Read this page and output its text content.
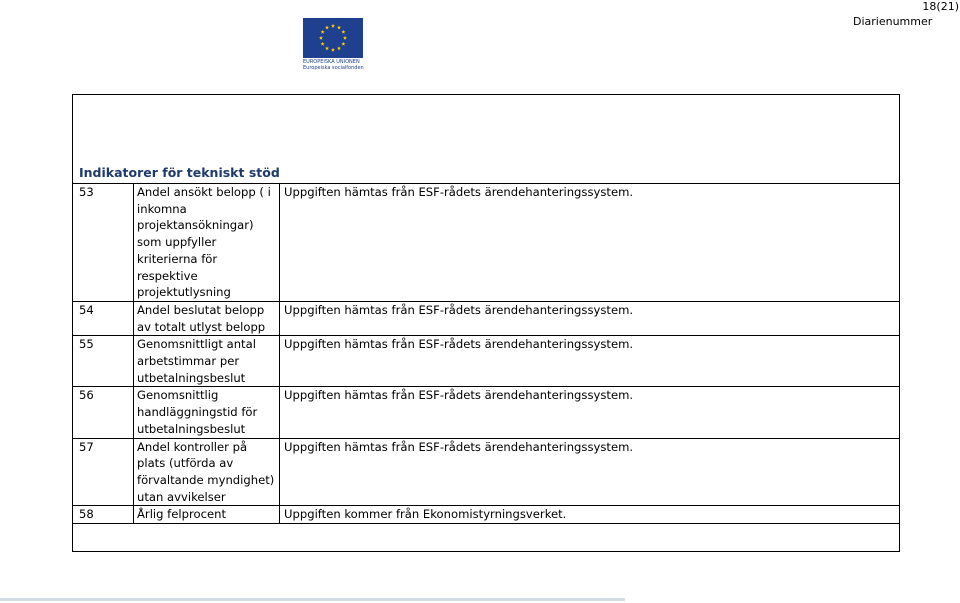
18(21)
Diarienummer
EUROPEISKA UNIONEN
Europeiska socialfonden
Indikatorer för tekniskt stöd
53	Andel ansökt belopp ( i inkomna projektansökningar) som uppfyller kriterierna för respektive projektutlysning	Uppgiften hämtas från ESF-rådets ärendehanteringssystem.
54	Andel beslutat belopp av totalt utlyst belopp	Uppgiften hämtas från ESF-rådets ärendehanteringssystem.
55	Genomsnittligt antal arbetstimmar per utbetalningsbeslut	Uppgiften hämtas från ESF-rådets ärendehanteringssystem.
56	Genomsnittlig handläggningstid för utbetalningsbeslut	Uppgiften hämtas från ESF-rådets ärendehanteringssystem.
57	Andel kontroller på plats (utförda av förvaltande myndighet) utan avvikelser	Uppgiften hämtas från ESF-rådets ärendehanteringssystem.
58	Årlig felprocent	Uppgiften kommer från Ekonomistyrningsverket.
